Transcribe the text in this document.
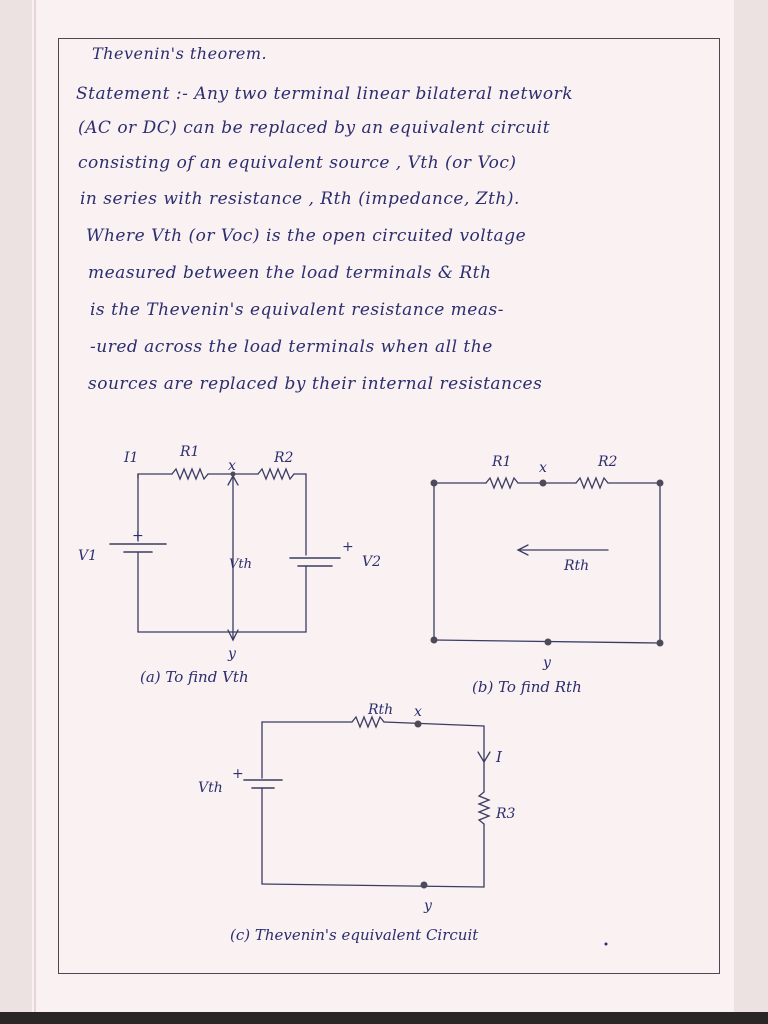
Thevenin's theorem.
Statement :- Any two terminal linear bilateral network
(AC or DC) can be replaced by an equivalent circuit
consisting of an equivalent source , Vth (or Voc)
in series with resistance , Rth (impedance, Zth).
Where Vth (or Voc) is the open circuited voltage
measured between the load terminals & Rth
is the Thevenin's equivalent resistance meas-
-ured across the load terminals when all the
sources are replaced by their internal resistances
I1	R1
x	R2
+
V1
Vth
+
V2
y
(a) To find Vth
R1 x	R2
Rth
y
(b) To find Rth
Rth x
+
Vth
I
R3
y
(c) Thevenin's equivalent Circuit
